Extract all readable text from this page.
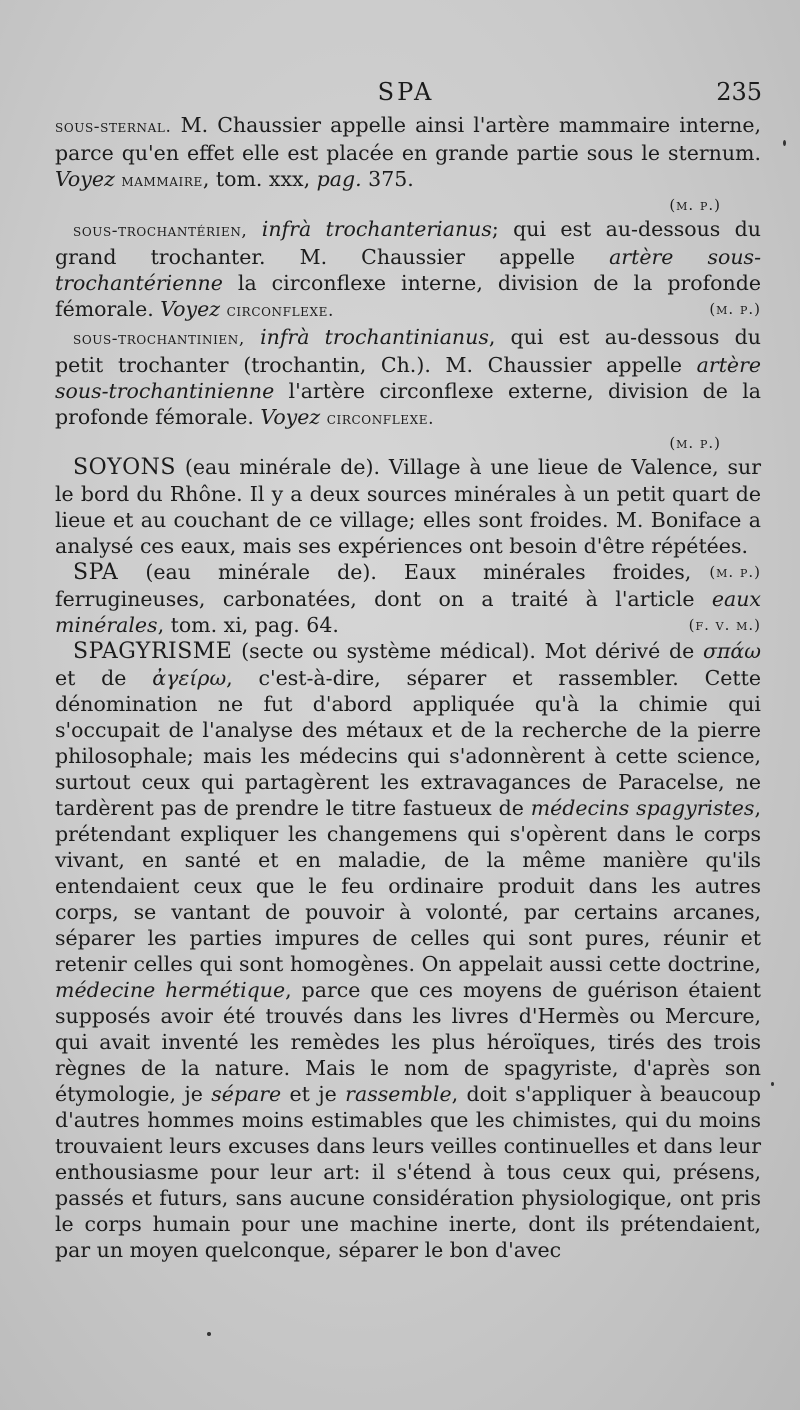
SPA	235

sous-sternal. M. Chaussier appelle ainsi l'artère mammaire interne, parce qu'en effet elle est placée en grande partie sous le sternum. Voyez mammaire, tom. xxx, pag. 375.

(m. p.)

sous-trochantérien, infrà trochanterianus; qui est au-dessous du grand trochanter. M. Chaussier appelle artère sous-trochantérienne la circonflexe interne, division de la profonde fémorale. Voyez circonflexe.	(m. p.)

sous-trochantinien, infrà trochantinianus, qui est au-dessous du petit trochanter (trochantin, Ch.). M. Chaussier appelle artère sous-trochantinienne l'artère circonflexe externe, division de la profonde fémorale. Voyez circonflexe.

(m. p.)

SOYONS (eau minérale de). Village à une lieue de Valence, sur le bord du Rhône. Il y a deux sources minérales à un petit quart de lieue et au couchant de ce village; elles sont froides. M. Boniface a analysé ces eaux, mais ses expériences ont besoin d'être répétées.
(m. p.)

SPA (eau minérale de). Eaux minérales froides, ferrugineuses, carbonatées, dont on a traité à l'article eaux minérales, tom. xi, pag. 64.	(f. v. m.)

SPAGYRISME (secte ou système médical). Mot dérivé de σπάω et de ἀγείρω, c'est-à-dire, séparer et rassembler. Cette dénomination ne fut d'abord appliquée qu'à la chimie qui s'occupait de l'analyse des métaux et de la recherche de la pierre philosophale; mais les médecins qui s'adonnèrent à cette science, surtout ceux qui partagèrent les extravagances de Paracelse, ne tardèrent pas de prendre le titre fastueux de médecins spagyristes, prétendant expliquer les changemens qui s'opèrent dans le corps vivant, en santé et en maladie, de la même manière qu'ils entendaient ceux que le feu ordinaire produit dans les autres corps, se vantant de pouvoir à volonté, par certains arcanes, séparer les parties impures de celles qui sont pures, réunir et retenir celles qui sont homogènes. On appelait aussi cette doctrine, médecine hermétique, parce que ces moyens de guérison étaient supposés avoir été trouvés dans les livres d'Hermès ou Mercure, qui avait inventé les remèdes les plus héroïques, tirés des trois règnes de la nature. Mais le nom de spagyriste, d'après son étymologie, je sépare et je rassemble, doit s'appliquer à beaucoup d'autres hommes moins estimables que les chimistes, qui du moins trouvaient leurs excuses dans leurs veilles continuelles et dans leur enthousiasme pour leur art: il s'étend à tous ceux qui, présens, passés et futurs, sans aucune considération physiologique, ont pris le corps humain pour une machine inerte, dont ils prétendaient, par un moyen quelconque, séparer le bon d'avec
